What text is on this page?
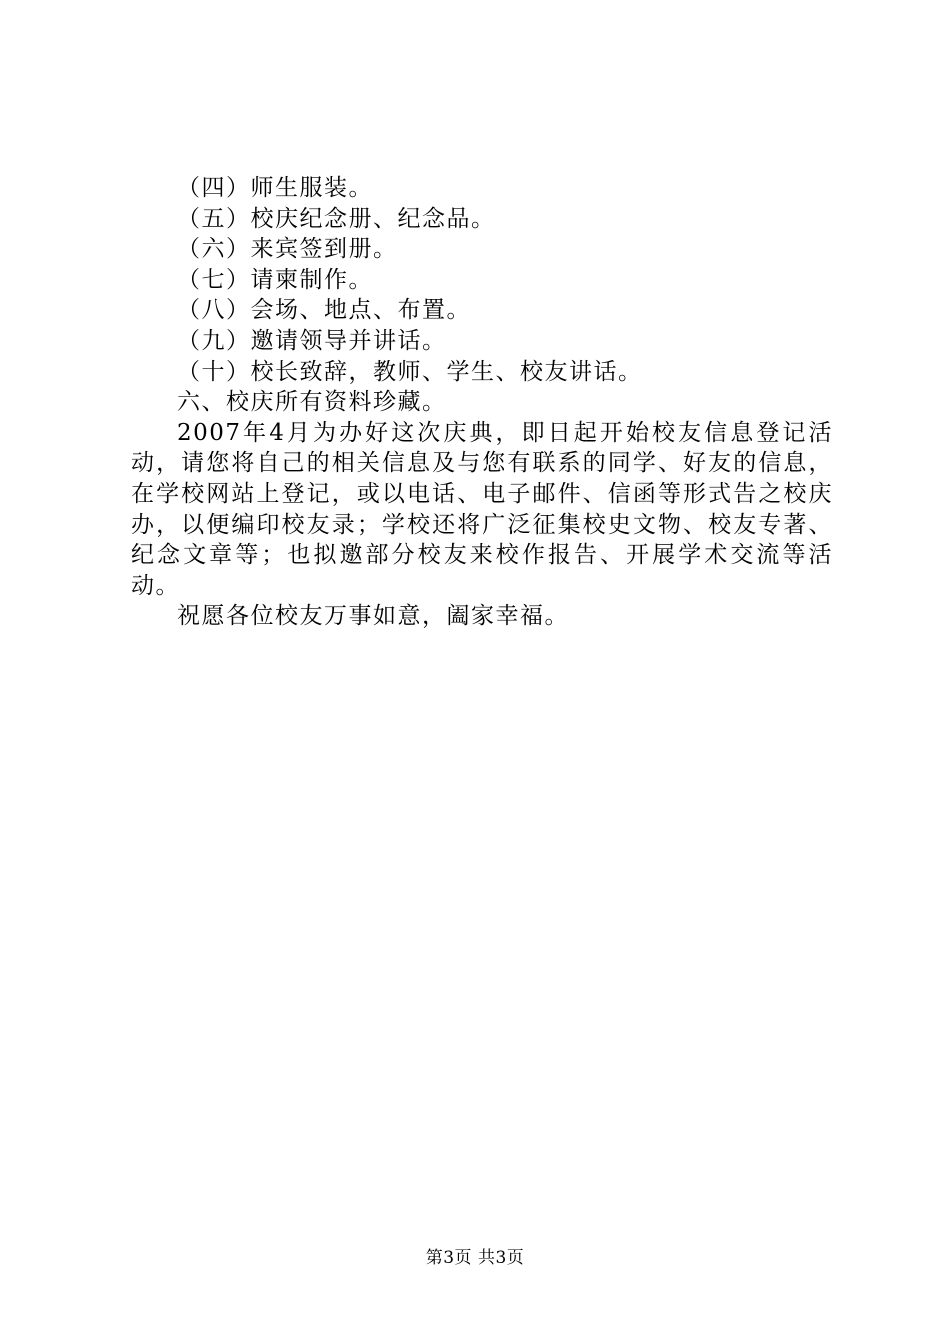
（四）师生服装。
（五）校庆纪念册、纪念品。
（六）来宾签到册。
（七）请柬制作。
（八）会场、地点、布置。
（九）邀请领导并讲话。
（十）校长致辞，教师、学生、校友讲话。
六、校庆所有资料珍藏。
2007年4月为办好这次庆典，即日起开始校友信息登记活动，请您将自己的相关信息及与您有联系的同学、好友的信息，在学校网站上登记，或以电话、电子邮件、信函等形式告之校庆办，以便编印校友录；学校还将广泛征集校史文物、校友专著、纪念文章等；也拟邀部分校友来校作报告、开展学术交流等活动。
祝愿各位校友万事如意，阖家幸福。
第3页 共3页
